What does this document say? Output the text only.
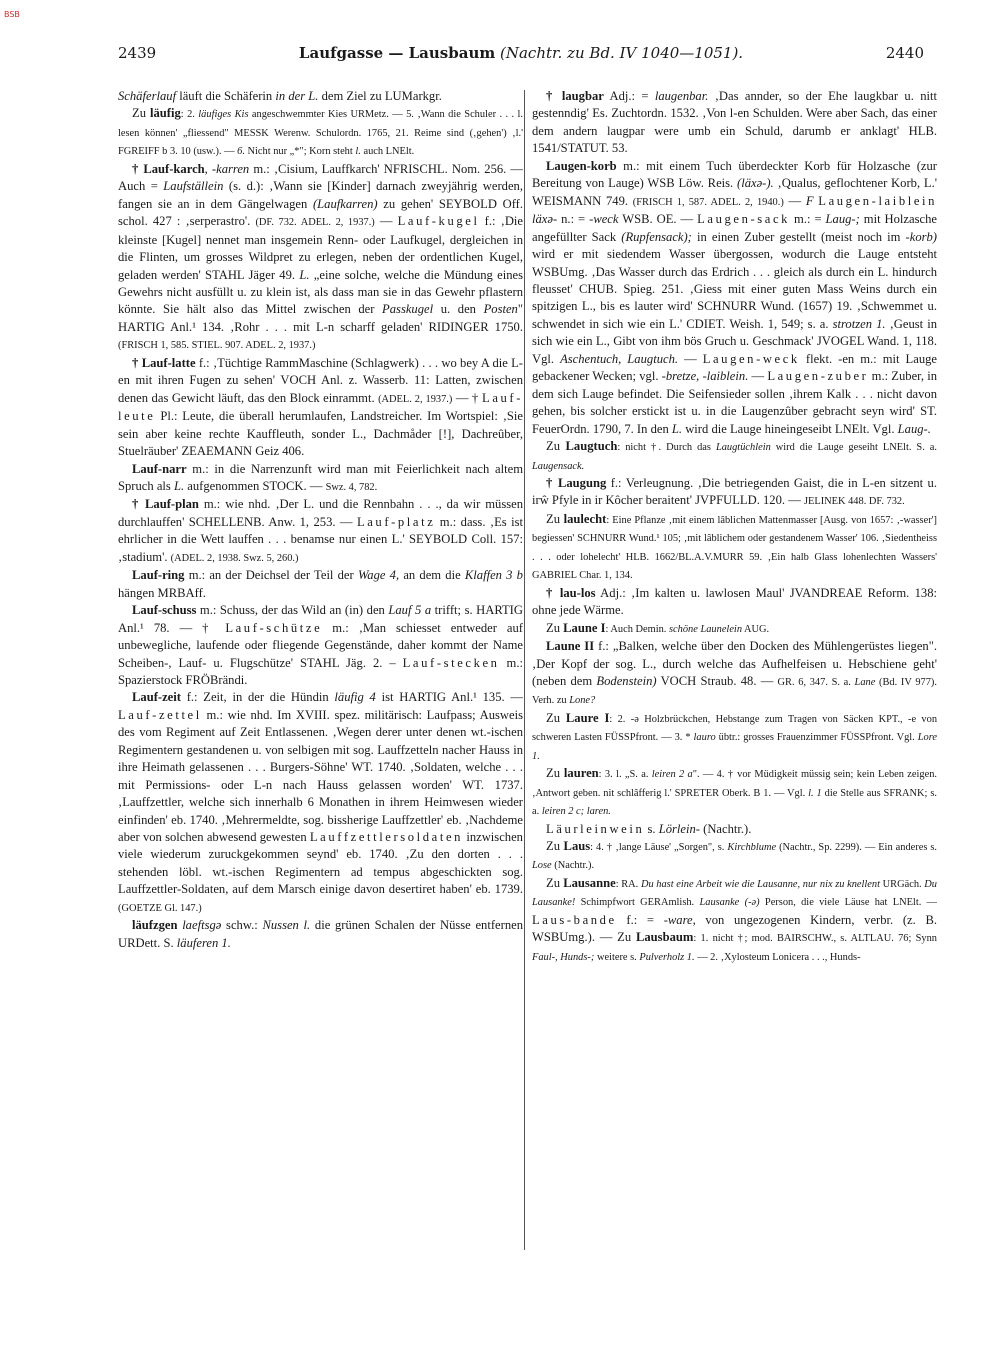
BSB
2439	Laufgasse — Lausbaum (Nachtr. zu Bd. IV 1040—1051).	2440

Schäferlauf läuft die Schäferin in der L. dem Ziel zu LUMarkgr.

Zu läufig: 2. läufiges Kis angeschwemmter Kies URMetz. — 5. ‚Wann die Schuler . . . l. lesen können' „fliessend" MESSK Werenw. Schulordn. 1765, 21. Reime sind (‚gehen') ‚l.' FGREIFF b 3. 10 (usw.). — 6. Nicht nur „*"; Korn steht l. auch LNElt.

† Lauf-karch, -karren m.: ‚Cisium, Lauffkarch' NFRISCHL. Nom. 256. — Auch = Laufställein (s. d.): ‚Wann sie [Kinder] darnach zweyjährig werden, fangen sie an in dem Gängelwagen (Laufkarren) zu gehen' SEYBOLD Off. schol. 427 : ‚serperastro'. (DF. 732. ADEL. 2, 1937.) — Lauf-kugel f.: ‚Die kleinste [Kugel] nennet man insgemein Renn- oder Laufkugel, dergleichen in die Flinten, um grosses Wildpret zu erlegen, neben der ordentlichen Kugel, geladen werden' STAHL Jäger 49. L. „eine solche, welche die Mündung eines Gewehrs nicht ausfüllt u. zu klein ist, als dass man sie in das Gewehr pflastern könnte. Sie hält also das Mittel zwischen der Passkugel u. den Posten" HARTIG Anl.¹ 134. ‚Rohr . . . mit L-n scharff geladen' RIDINGER 1750. (FRISCH 1, 585. STIEL. 907. ADEL. 2, 1937.)

† Lauf-latte f.: ‚Tüchtige RammMaschine (Schlagwerk) . . . wo bey A die L-en mit ihren Fugen zu sehen' VOCH Anl. z. Wasserb. 11: Latten, zwischen denen das Gewicht läuft, das den Block einrammt. (ADEL. 2, 1937.) — † Lauf-leute Pl.: Leute, die überall herumlaufen, Landstreicher. Im Wortspiel: ‚Sie sein aber keine rechte Kauffleuth, sonder L., Dachmåder [!], Dachreûber, Stuelräuber' ZEAEMANN Geiz 406.

Lauf-narr m.: in die Narrenzunft wird man mit Feierlichkeit nach altem Spruch als L. aufgenommen STOCK. — Swz. 4, 782.

† Lauf-plan m.: wie nhd. ‚Der L. und die Rennbahn . . ., da wir müssen durchlauffen' SCHELLENB. Anw. 1, 253. — Lauf-platz m.: dass. ‚Es ist ehrlicher in die Wett lauffen . . . benamse nur einen L.' SEYBOLD Coll. 157: ‚stadium'. (ADEL. 2, 1938. Swz. 5, 260.)

Lauf-ring m.: an der Deichsel der Teil der Wage 4, an dem die Klaffen 3 b hängen MRBAff.

Lauf-schuss m.: Schuss, der das Wild an (in) den Lauf 5 a trifft; s. HARTIG Anl.¹ 78. — † Lauf-schütze m.: ‚Man schiesset entweder auf unbewegliche, laufende oder fliegende Gegenstände, daher kommt der Name Scheiben-, Lauf- u. Flugschütze' STAHL Jäg. 2. – Lauf-stecken m.: Spazierstock FRÖBrändi.

Lauf-zeit f.: Zeit, in der die Hündin läufig 4 ist HARTIG Anl.¹ 135. — Lauf-zettel m.: wie nhd. Im XVIII. spez. militärisch: Laufpass; Ausweis des vom Regiment auf Zeit Entlassenen. ‚Wegen derer unter denen wt.-ischen Regimentern gestandenen u. von selbigen mit sog. Lauffzetteln nacher Hauss in ihre Heimath gelassenen . . . Burgers-Söhne' WT. 1740. ‚Soldaten, welche . . . mit Permissions- oder L-n nach Hauss gelassen worden' WT. 1737. ‚Lauffzettler, welche sich innerhalb 6 Monathen in ihrem Heimwesen wieder einfinden' eb. 1740. ‚Mehrermeldte, sog. bissherige Lauffzettler' eb. ‚Nachdeme aber von solchen abwesend gewesten Lauffzettlersoldaten inzwischen viele wiederum zuruckgekommen seynd' eb. 1740. ‚Zu den dorten . . . stehenden löbl. wt.-ischen Regimentern ad tempus abgeschickten sog. Lauffzettler-Soldaten, auf dem Marsch einige davon desertiret haben' eb. 1739. (GOETZE Gl. 147.)

läufzgen laeftsgə schw.: Nussen l. die grünen Schalen der Nüsse entfernen URDett. S. läuferen 1.

† laugbar Adj.: = laugenbar. ‚Das annder, so der Ehe laugkbar u. nitt gestenndig' Es. Zuchtordn. 1532. ‚Von l-en Schulden. Were aber Sach, das einer dem andern laugpar were umb ein Schuld, darumb er anklagt' HLB. 1541/STATUT. 53.

Laugen-korb m.: mit einem Tuch überdeckter Korb für Holzasche (zur Bereitung von Lauge) WSB Löw. Reis. (läxə-). ‚Qualus, geflochtener Korb, L.' WEISMANN 749. (FRISCH 1, 587. ADEL. 2, 1940.) — F Laugen-laiblein läxə- n.: = -weck WSB. OE. — Laugen-sack m.: = Laug-; mit Holzasche angefüllter Sack (Rupfensack); in einen Zuber gestellt (meist noch im -korb) wird er mit siedendem Wasser übergossen, wodurch die Lauge entsteht WSBUmg. ‚Das Wasser durch das Erdrich . . . gleich als durch ein L. hindurch fleusset' CHUB. Spieg. 251. ‚Giess mit einer guten Mass Weins durch ein spitzigen L., bis es lauter wird' SCHNURR Wund. (1657) 19. ‚Schwemmet u. schwendet in sich wie ein L.' CDIET. Weish. 1, 549; s. a. strotzen 1. ‚Geust in sich wie ein L., Gibt von ihm bös Gruch u. Geschmack' JVOGEL Wand. 1, 118. Vgl. Aschentuch, Laugtuch. — Laugen-weck flekt. -en m.: mit Lauge gebackener Wecken; vgl. -bretze, -laiblein. — Laugen-zuber m.: Zuber, in dem sich Lauge befindet. Die Seifensieder sollen ‚ihrem Kalk . . . nicht davon gehen, bis solcher erstickt ist u. in die Laugenzûber gebracht seyn wird' ST. FeuerOrdn. 1790, 7. In den L. wird die Lauge hineingeseibt LNElt. Vgl. Laug-.

Zu Laugtuch: nicht †. Durch das Laugtüchlein wird die Lauge geseiht LNElt. S. a. Laugensack.

† Laugung f.: Verleugnung. ‚Die betriegenden Gaist, die in L-en sitzent u. irŵ Pfyle in ir Kôcher beraitent' JVPFULLD. 120. — JELINEK 448. DF. 732.

Zu laulecht: Eine Pflanze ‚mit einem lâblichen Mattenmasser [Ausg. von 1657: ‚-wasser'] begiessen' SCHNURR Wund.¹ 105; ‚mit lâblichem oder gestandenem Wasser' 106. ‚Siedentheiss . . . oder lohelecht' HLB. 1662/BL.A.V.MURR 59. ‚Ein halb Glass lohenlechten Wassers' GABRIEL Char. 1, 134.

† lau-los Adj.: ‚Im kalten u. lawlosen Maul' JVANDREAE Reform. 138: ohne jede Wärme.

Zu Laune I: Auch Demin. schöne Launelein AUG.

Laune II f.: „Balken, welche über den Docken des Mühlengerüstes liegen". ‚Der Kopf der sog. L., durch welche das Aufhelfeisen u. Hebschiene geht' (neben dem Bodenstein) VOCH Straub. 48. — GR. 6, 347. S. a. Lane (Bd. IV 977). Verh. zu Lone?

Zu Laure I: 2. -ə Holzbrückchen, Hebstange zum Tragen von Säcken KPT., -e von schweren Lasten FÜSSPfront. — 3. * lauro übtr.: grosses Frauenzimmer FÜSSPfront. Vgl. Lore 1.

Zu lauren: 3. l. „S. a. leiren 2 a". — 4. † vor Müdigkeit müssig sein; kein Leben zeigen. ‚Antwort geben. nit schlâfferig l.' SPRETER Oberk. B 1. — Vgl. l. 1 die Stelle aus SFRANK; s. a. leiren 2 c; laren.

Läurleinwein s. Lörlein- (Nachtr.).

Zu Laus: 4. † ‚lange Läuse' „Sorgen", s. Kirchblume (Nachtr., Sp. 2299). — Ein anderes s. Lose (Nachtr.).

Zu Lausanne: RA. Du hast eine Arbeit wie die Lausanne, nur nix zu knellent URGäch. Du Lausanke! Schimpfwort GERAmlish. Lausanke (-ə) Person, die viele Läuse hat LNElt. — Laus-bande f.: = -ware, von ungezogenen Kindern, verbr. (z. B. WSBUmg.). — Zu Lausbaum: 1. nicht †; mod. BAIRSCHW., s. ALTLAU. 76; Synn Faul-, Hunds-; weitere s. Pulverholz 1. — 2. ‚Xylosteum Lonicera . . ., Hunds-
